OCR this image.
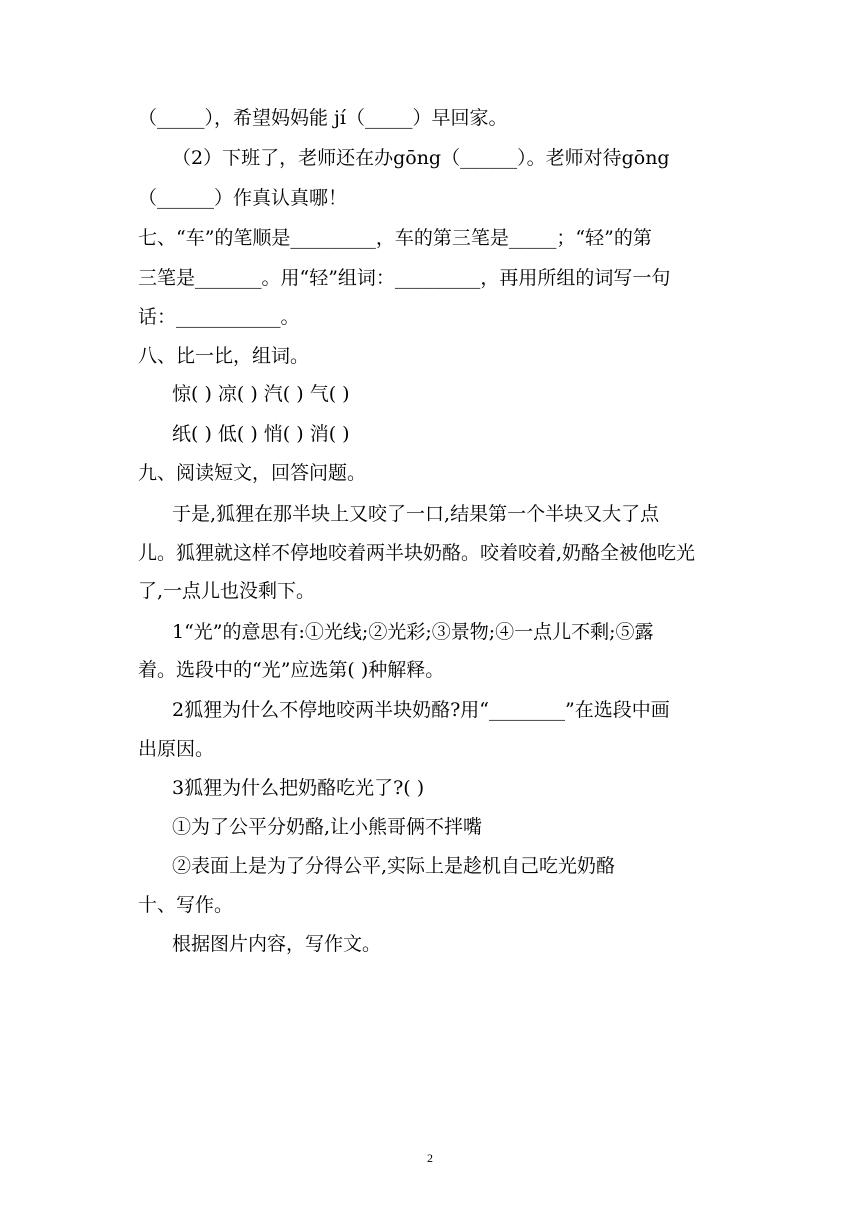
（_____），希望妈妈能 jí（_____）早回家。

（2）下班了，老师还在办gōng（______）。老师对待gōng

（______）作真认真哪！

七、“车”的笔顺是_________，车的第三笔是_____；“轻”的第

三笔是_______。用“轻”组词：_________，再用所组的词写一句

话：___________。

八、比一比，组词。

惊( ) 凉( ) 汽( ) 气( )

纸( ) 低( ) 悄( ) 消( )

九、阅读短文，回答问题。

于是,狐狸在那半块上又咬了一口,结果第一个半块又大了点

儿。狐狸就这样不停地咬着两半块奶酪。咬着咬着,奶酪全被他吃光

了,一点儿也没剩下。

1“光”的意思有:①光线;②光彩;③景物;④一点儿不剩;⑤露

着。选段中的“光”应选第( )种解释。

2狐狸为什么不停地咬两半块奶酪?用“________”在选段中画

出原因。

3狐狸为什么把奶酪吃光了?( )

①为了公平分奶酪,让小熊哥俩不拌嘴

②表面上是为了分得公平,实际上是趁机自己吃光奶酪

十、写作。

根据图片内容，写作文。

2
